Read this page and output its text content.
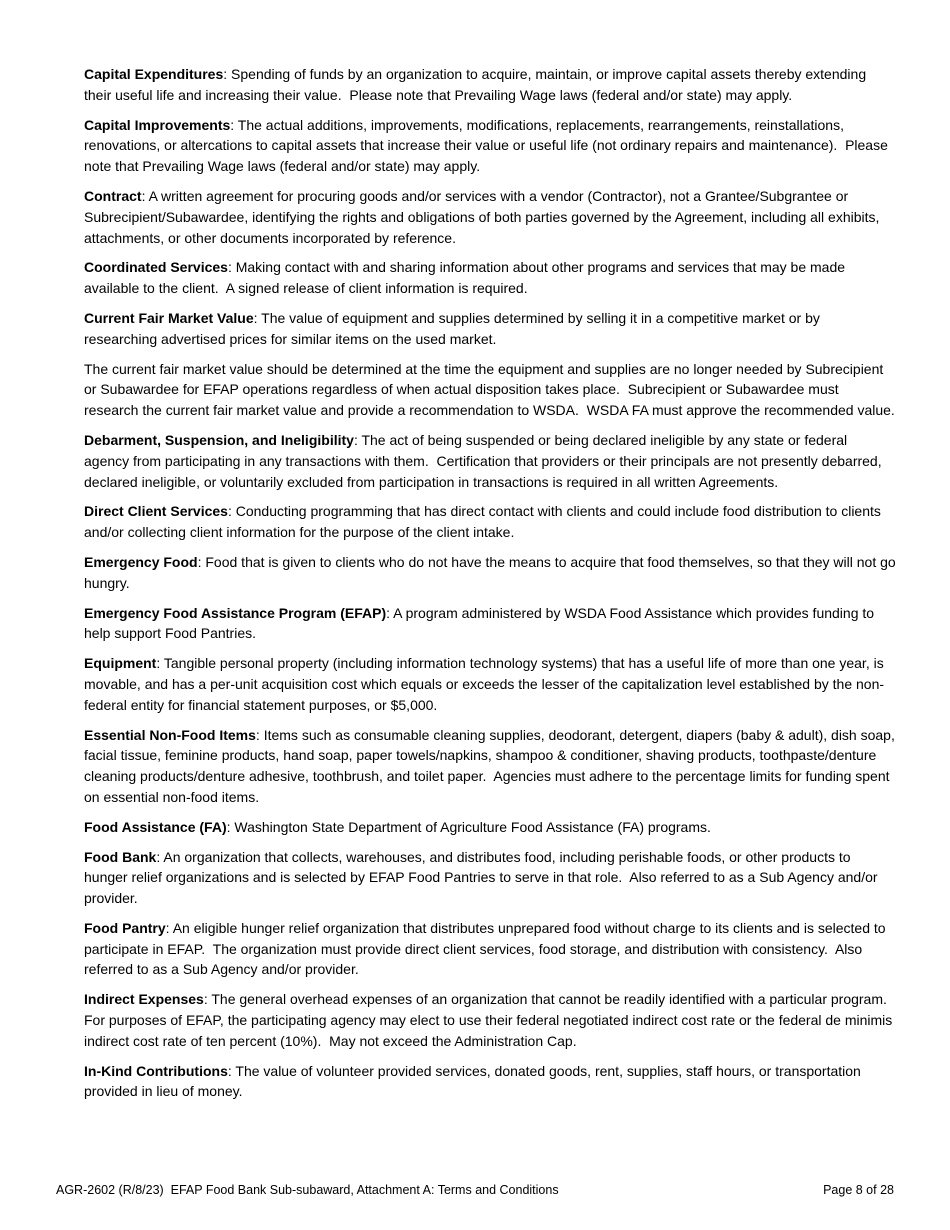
Capital Expenditures: Spending of funds by an organization to acquire, maintain, or improve capital assets thereby extending their useful life and increasing their value.  Please note that Prevailing Wage laws (federal and/or state) may apply.

Capital Improvements: The actual additions, improvements, modifications, replacements, rearrangements, reinstallations, renovations, or altercations to capital assets that increase their value or useful life (not ordinary repairs and maintenance).  Please note that Prevailing Wage laws (federal and/or state) may apply.

Contract: A written agreement for procuring goods and/or services with a vendor (Contractor), not a Grantee/Subgrantee or Subrecipient/Subawardee, identifying the rights and obligations of both parties governed by the Agreement, including all exhibits, attachments, or other documents incorporated by reference.

Coordinated Services: Making contact with and sharing information about other programs and services that may be made available to the client.  A signed release of client information is required.

Current Fair Market Value: The value of equipment and supplies determined by selling it in a competitive market or by researching advertised prices for similar items on the used market.

The current fair market value should be determined at the time the equipment and supplies are no longer needed by Subrecipient or Subawardee for EFAP operations regardless of when actual disposition takes place.  Subrecipient or Subawardee must research the current fair market value and provide a recommendation to WSDA.  WSDA FA must approve the recommended value.

Debarment, Suspension, and Ineligibility: The act of being suspended or being declared ineligible by any state or federal agency from participating in any transactions with them.  Certification that providers or their principals are not presently debarred, declared ineligible, or voluntarily excluded from participation in transactions is required in all written Agreements.

Direct Client Services: Conducting programming that has direct contact with clients and could include food distribution to clients and/or collecting client information for the purpose of the client intake.

Emergency Food: Food that is given to clients who do not have the means to acquire that food themselves, so that they will not go hungry.

Emergency Food Assistance Program (EFAP): A program administered by WSDA Food Assistance which provides funding to help support Food Pantries.

Equipment: Tangible personal property (including information technology systems) that has a useful life of more than one year, is movable, and has a per-unit acquisition cost which equals or exceeds the lesser of the capitalization level established by the non-federal entity for financial statement purposes, or $5,000.

Essential Non-Food Items: Items such as consumable cleaning supplies, deodorant, detergent, diapers (baby & adult), dish soap, facial tissue, feminine products, hand soap, paper towels/napkins, shampoo & conditioner, shaving products, toothpaste/denture cleaning products/denture adhesive, toothbrush, and toilet paper.  Agencies must adhere to the percentage limits for funding spent on essential non-food items.

Food Assistance (FA): Washington State Department of Agriculture Food Assistance (FA) programs.

Food Bank: An organization that collects, warehouses, and distributes food, including perishable foods, or other products to hunger relief organizations and is selected by EFAP Food Pantries to serve in that role.  Also referred to as a Sub Agency and/or provider.

Food Pantry: An eligible hunger relief organization that distributes unprepared food without charge to its clients and is selected to participate in EFAP.  The organization must provide direct client services, food storage, and distribution with consistency.  Also referred to as a Sub Agency and/or provider.

Indirect Expenses: The general overhead expenses of an organization that cannot be readily identified with a particular program.  For purposes of EFAP, the participating agency may elect to use their federal negotiated indirect cost rate or the federal de minimis indirect cost rate of ten percent (10%).  May not exceed the Administration Cap.

In-Kind Contributions: The value of volunteer provided services, donated goods, rent, supplies, staff hours, or transportation provided in lieu of money.

AGR-2602 (R/8/23)  EFAP Food Bank Sub-subaward, Attachment A: Terms and Conditions	Page 8 of 28
